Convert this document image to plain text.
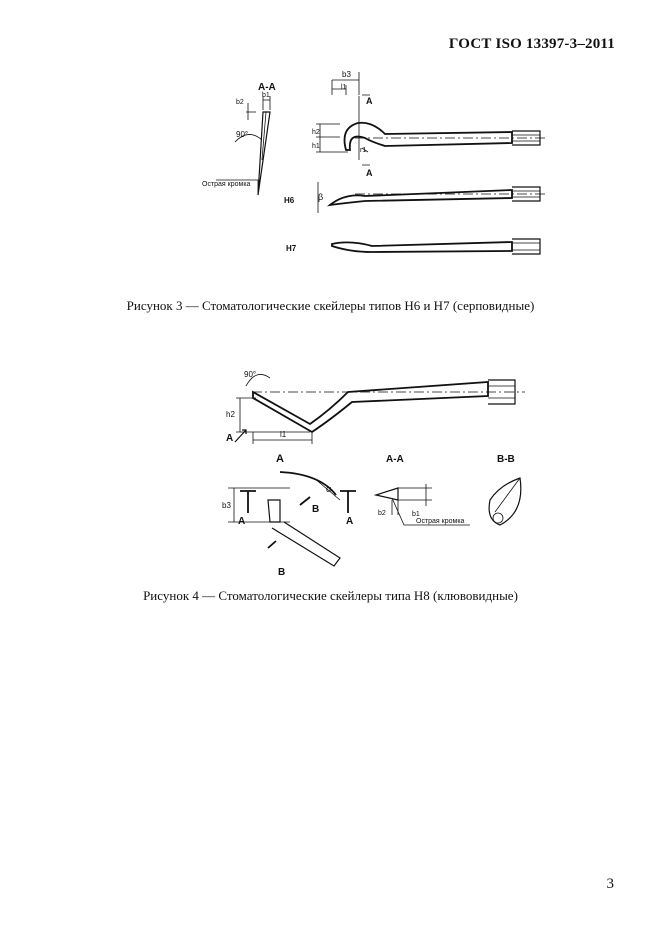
ГОСТ ISO 13397-3–2011
A-A
b2
b1
90°
Острая кромка
b3
l1
A
A
h2
h1
r1
H6	β
H7
Рисунок 3 — Стоматологические скейлеры типов H6 и H7 (серповидные)
h2
l1
90°
A
A
b3
A	A
B
B
α
A-A
b2	b1
Острая кромка
B-B
Рисунок 4 — Стоматологические скейлеры типа H8 (клювовидные)
3
